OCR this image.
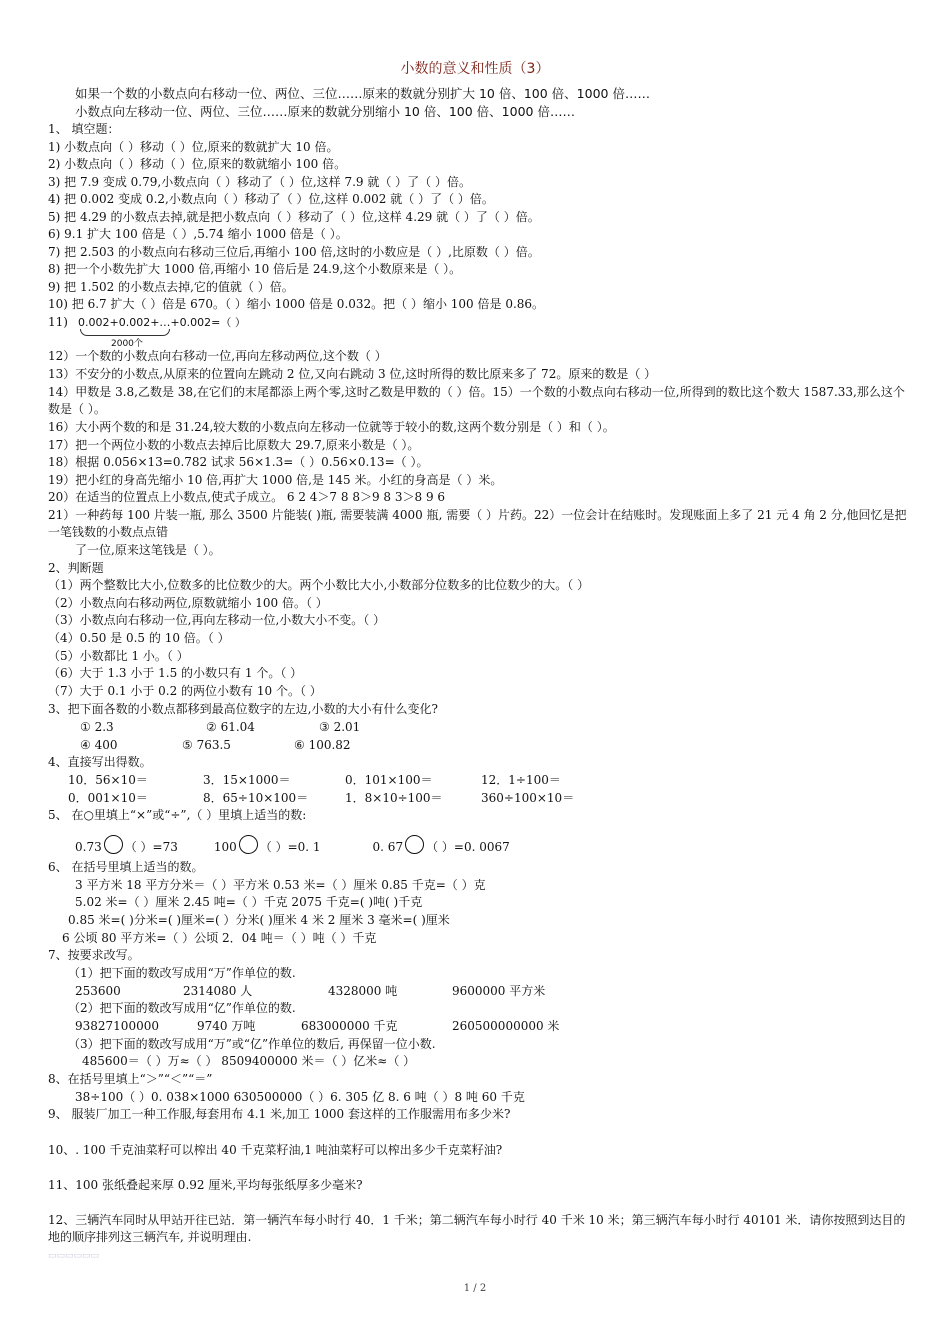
小数的意义和性质（3）
如果一个数的小数点向右移动一位、两位、三位……原来的数就分别扩大 10 倍、100 倍、1000 倍……
小数点向左移动一位、两位、三位……原来的数就分别缩小 10 倍、100 倍、1000 倍……
1、 填空题：
1) 小数点向（ ）移动（ ）位,原来的数就扩大 10 倍。
2) 小数点向（ ）移动（ ）位,原来的数就缩小 100 倍。
3) 把 7.9 变成 0.79,小数点向（ ）移动了（ ）位,这样 7.9 就（ ）了（ ）倍。
4) 把 0.002 变成 0.2,小数点向（ ）移动了（ ）位,这样 0.002 就（ ）了（ ）倍。
5) 把 4.29 的小数点去掉,就是把小数点向（ ）移动了（ ）位,这样 4.29 就（ ）了（ ）倍。
6) 9.1 扩大 100 倍是（ ）,5.74 缩小 1000 倍是（ ）。
7) 把 2.503 的小数点向右移动三位后,再缩小 100 倍,这时的小数应是（ ）,比原数（ ）倍。
8) 把一个小数先扩大 1000 倍,再缩小 10 倍后是 24.9,这个小数原来是（ ）。
9) 把 1.502 的小数点去掉,它的值就（ ）倍。
10) 把 6.7 扩大（ ）倍是 670。（ ）缩小 1000 倍是 0.032。把（ ）缩小 100 倍是 0.86。
11) 0.002+0.002+…+0.002=（ ）
2000个
12）一个数的小数点向右移动一位,再向左移动两位,这个数（ ）
13）不安分的小数点,从原来的位置向左跳动 2 位,又向右跳动 3 位,这时所得的数比原来多了 72。原来的数是（ ）
14）甲数是 3.8,乙数是 38,在它们的末尾都添上两个零,这时乙数是甲数的（ ）倍。15）一个数的小数点向右移动一位,所得到的数比这个数大 1587.33,那么这个数是（ ）。
16）大小两个数的和是 31.24,较大数的小数点向左移动一位就等于较小的数,这两个数分别是（ ）和（ ）。
17）把一个两位小数的小数点去掉后比原数大 29.7,原来小数是（ ）。
18）根据 0.056×13=0.782 试求 56×1.3=（ ）0.56×0.13=（ ）。
19）把小红的身高先缩小 10 倍,再扩大 1000 倍,是 145 米。小红的身高是（ ）米。
20）在适当的位置点上小数点,使式子成立。 6 2 4＞7 8 8＞9 8 3＞8 9 6
21）一种药每 100 片装一瓶, 那么 3500 片能装( )瓶, 需要装满 4000 瓶, 需要（ ）片药。22）一位会计在结账时。发现账面上多了 21 元 4 角 2 分,他回忆是把一笔钱数的小数点点错
了一位,原来这笔钱是（ ）。
2、判断题
（1）两个整数比大小,位数多的比位数少的大。两个小数比大小,小数部分位数多的比位数少的大。（ ）
（2）小数点向右移动两位,原数就缩小 100 倍。（ ）
（3）小数点向右移动一位,再向左移动一位,小数大小不变。（ ）
（4）0.50 是 0.5 的 10 倍。（ ）
（5）小数都比 1 小。（ ）
（6）大于 1.3 小于 1.5 的小数只有 1 个。（ ）
（7）大于 0.1 小于 0.2 的两位小数有 10 个。（ ）
3、把下面各数的小数点都移到最高位数字的左边,小数的大小有什么变化?
① 2.3	② 61.04	③ 2.01
④ 400	⑤ 763.5	⑥ 100.82
4、直接写出得数。
10．56×10＝	3．15×1000＝	0．101×100＝	12．1÷100＝
0．001×10＝	8．65÷10×100＝	1．8×10÷100＝	360÷100×10＝
5、 在○里填上“×”或“÷”,（ ）里填上适当的数:
0.73 （ ）=73	100 （ ）=0. 1	0. 67 （ ）=0. 0067
6、 在括号里填上适当的数。
3 平方米 18 平方分米＝（ ）平方米 0.53 米=（ ）厘米 0.85 千克=（ ）克
5.02 米=（ ）厘米 2.45 吨=（ ）千克 2075 千克=( )吨( )千克
0.85 米=( )分米=( )厘米=( ）分米( )厘米 4 米 2 厘米 3 毫米=( )厘米
6 公顷 80 平方米=（ ）公顷 2．04 吨＝（ ）吨（ ）千克
7、按要求改写。
（1）把下面的数改写成用“万”作单位的数.
253600	2314080 人	4328000 吨	9600000 平方米
（2）把下面的数改写成用“亿”作单位的数.
93827100000	9740 万吨	683000000 千克	260500000000 米
（3）把下面的数改写成用“万”或“亿”作单位的数后, 再保留一位小数.
485600＝（ ）万≈（ ） 8509400000 米＝（ ）亿米≈（ ）
8、在括号里填上“＞”“＜”“＝”
38÷100（ ）0. 038×1000 630500000（ ）6. 305 亿 8. 6 吨（ ）8 吨 60 千克
9、 服装厂加工一种工作服,每套用布 4.1 米,加工 1000 套这样的工作服需用布多少米?
10、. 100 千克油菜籽可以榨出 40 千克菜籽油,1 吨油菜籽可以榨出多少千克菜籽油?
11、100 张纸叠起来厚 0.92 厘米,平均每张纸厚多少毫米?
12、三辆汽车同时从甲站开往已站．第一辆汽车每小时行 40．1 千米；第二辆汽车每小时行 40 千米 10 米；第三辆汽车每小时行 40101 米．请你按照到达目的地的顺序排列这三辆汽车, 并说明理由.
▭▭▭▭▭▭
1 / 2
